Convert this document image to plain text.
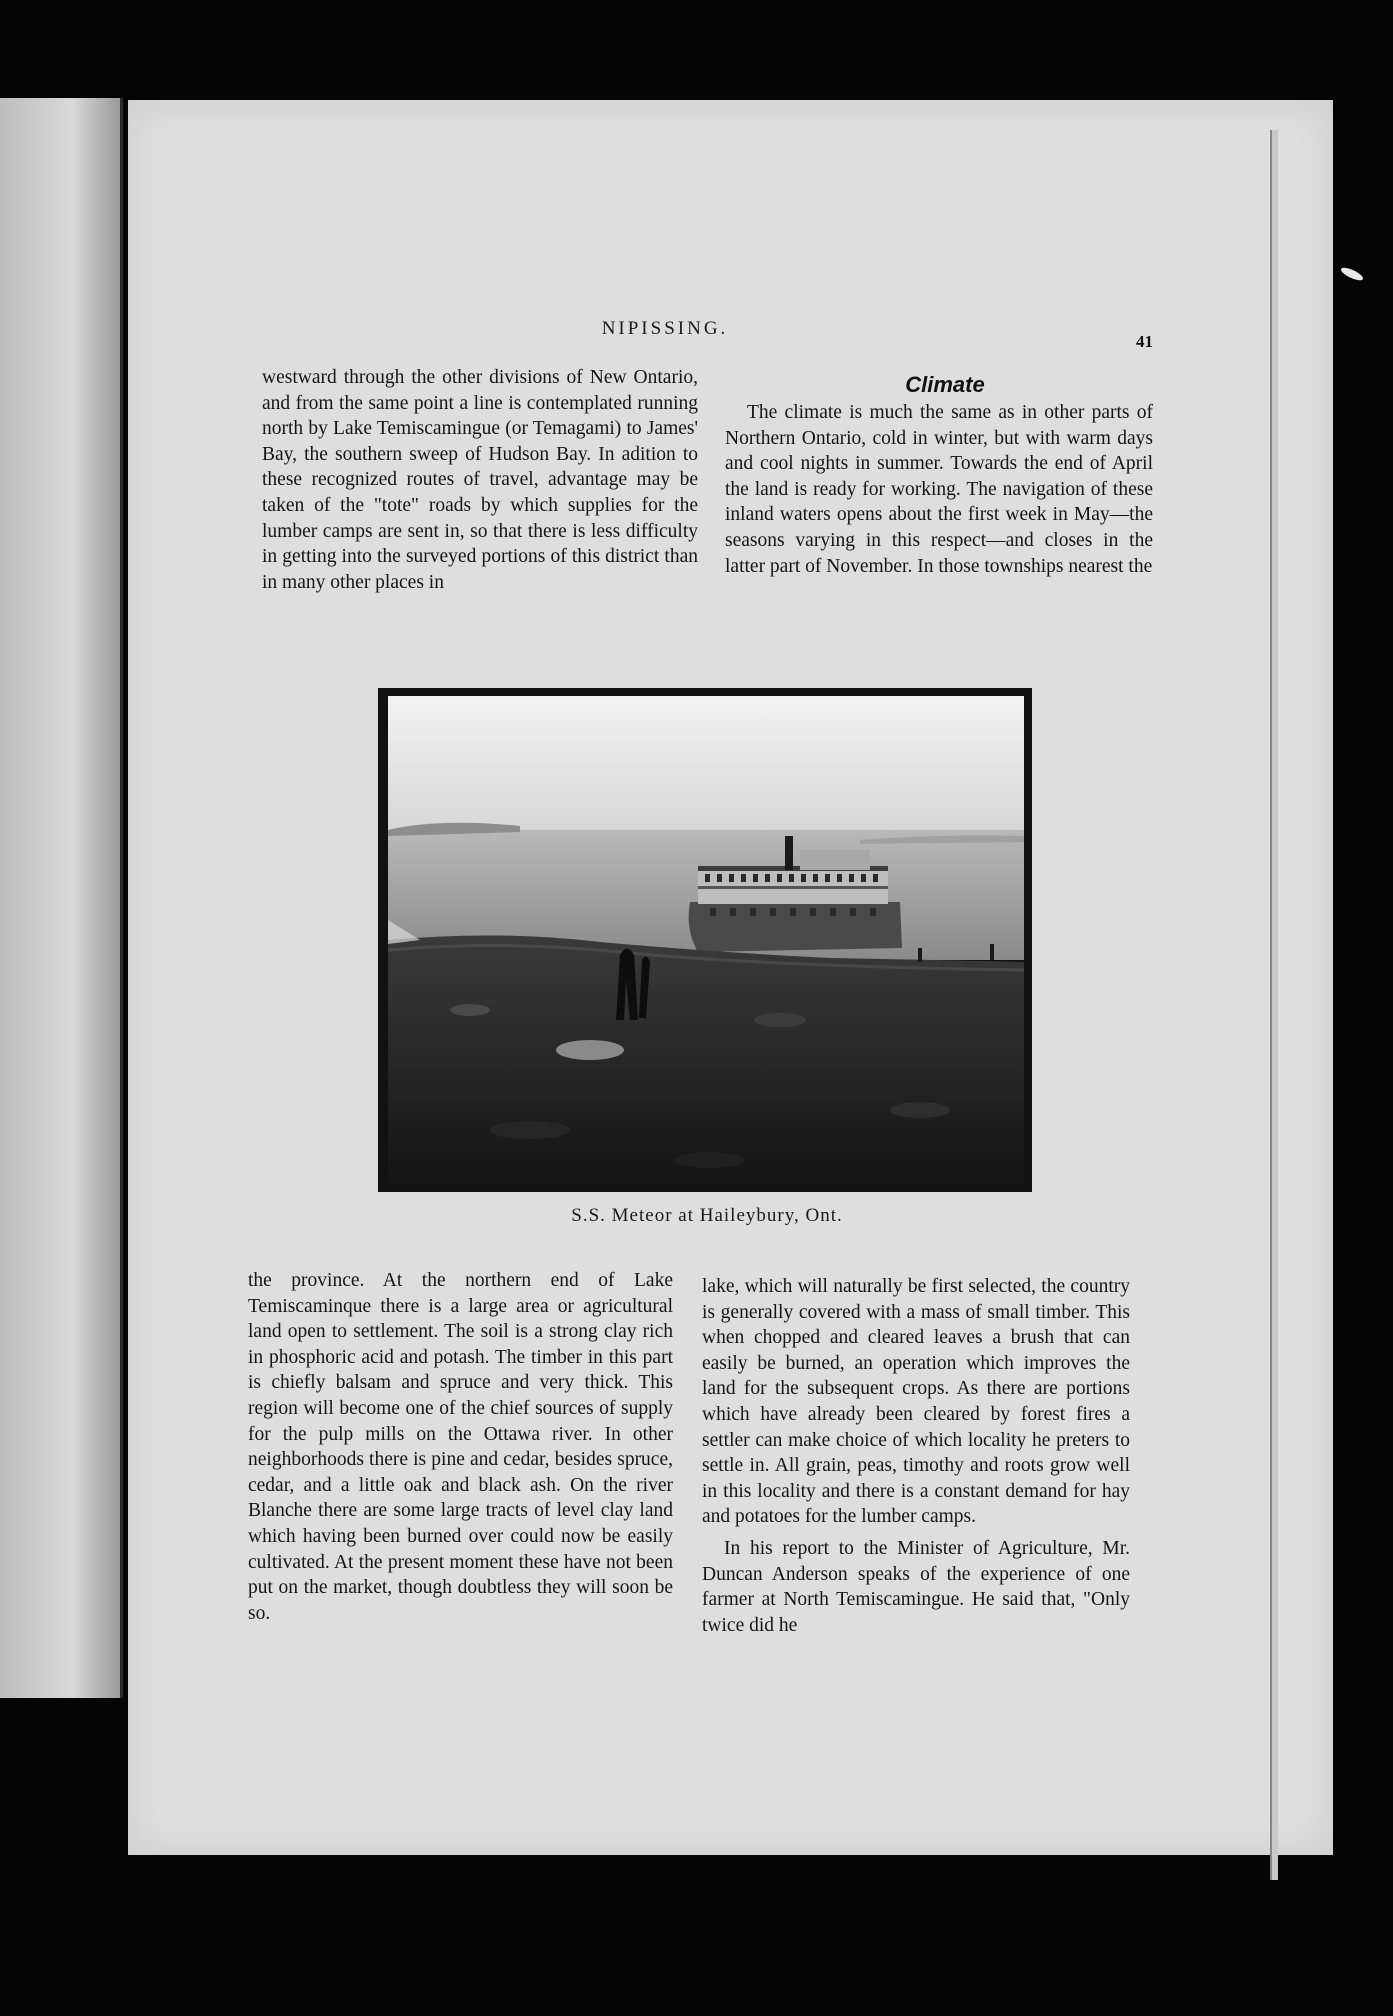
NIPISSING.
41

westward through the other divisions of New Ontario, and from the same point a line is contemplated running north by Lake Temiscamingue (or Temagami) to James' Bay, the southern sweep of Hudson Bay. In adition to these recognized routes of travel, advantage may be taken of the "tote" roads by which supplies for the lumber camps are sent in, so that there is less difficulty in getting into the surveyed portions of this district than in many other places in

Climate

The climate is much the same as in other parts of Northern Ontario, cold in winter, but with warm days and cool nights in summer. Towards the end of April the land is ready for working. The navigation of these inland waters opens about the first week in May—the seasons varying in this respect—and closes in the latter part of November. In those townships nearest the

S.S. Meteor at Haileybury, Ont.

the province. At the northern end of Lake Temiscaminque there is a large area or agricultural land open to settlement. The soil is a strong clay rich in phosphoric acid and potash. The timber in this part is chiefly balsam and spruce and very thick. This region will become one of the chief sources of supply for the pulp mills on the Ottawa river. In other neighborhoods there is pine and cedar, besides spruce, cedar, and a little oak and black ash. On the river Blanche there are some large tracts of level clay land which having been burned over could now be easily cultivated. At the present moment these have not been put on the market, though doubtless they will soon be so.

lake, which will naturally be first selected, the country is generally covered with a mass of small timber. This when chopped and cleared leaves a brush that can easily be burned, an operation which improves the land for the subsequent crops. As there are portions which have already been cleared by forest fires a settler can make choice of which locality he preters to settle in. All grain, peas, timothy and roots grow well in this locality and there is a constant demand for hay and potatoes for the lumber camps.

In his report to the Minister of Agriculture, Mr. Duncan Anderson speaks of the experience of one farmer at North Temiscamingue. He said that, "Only twice did he
